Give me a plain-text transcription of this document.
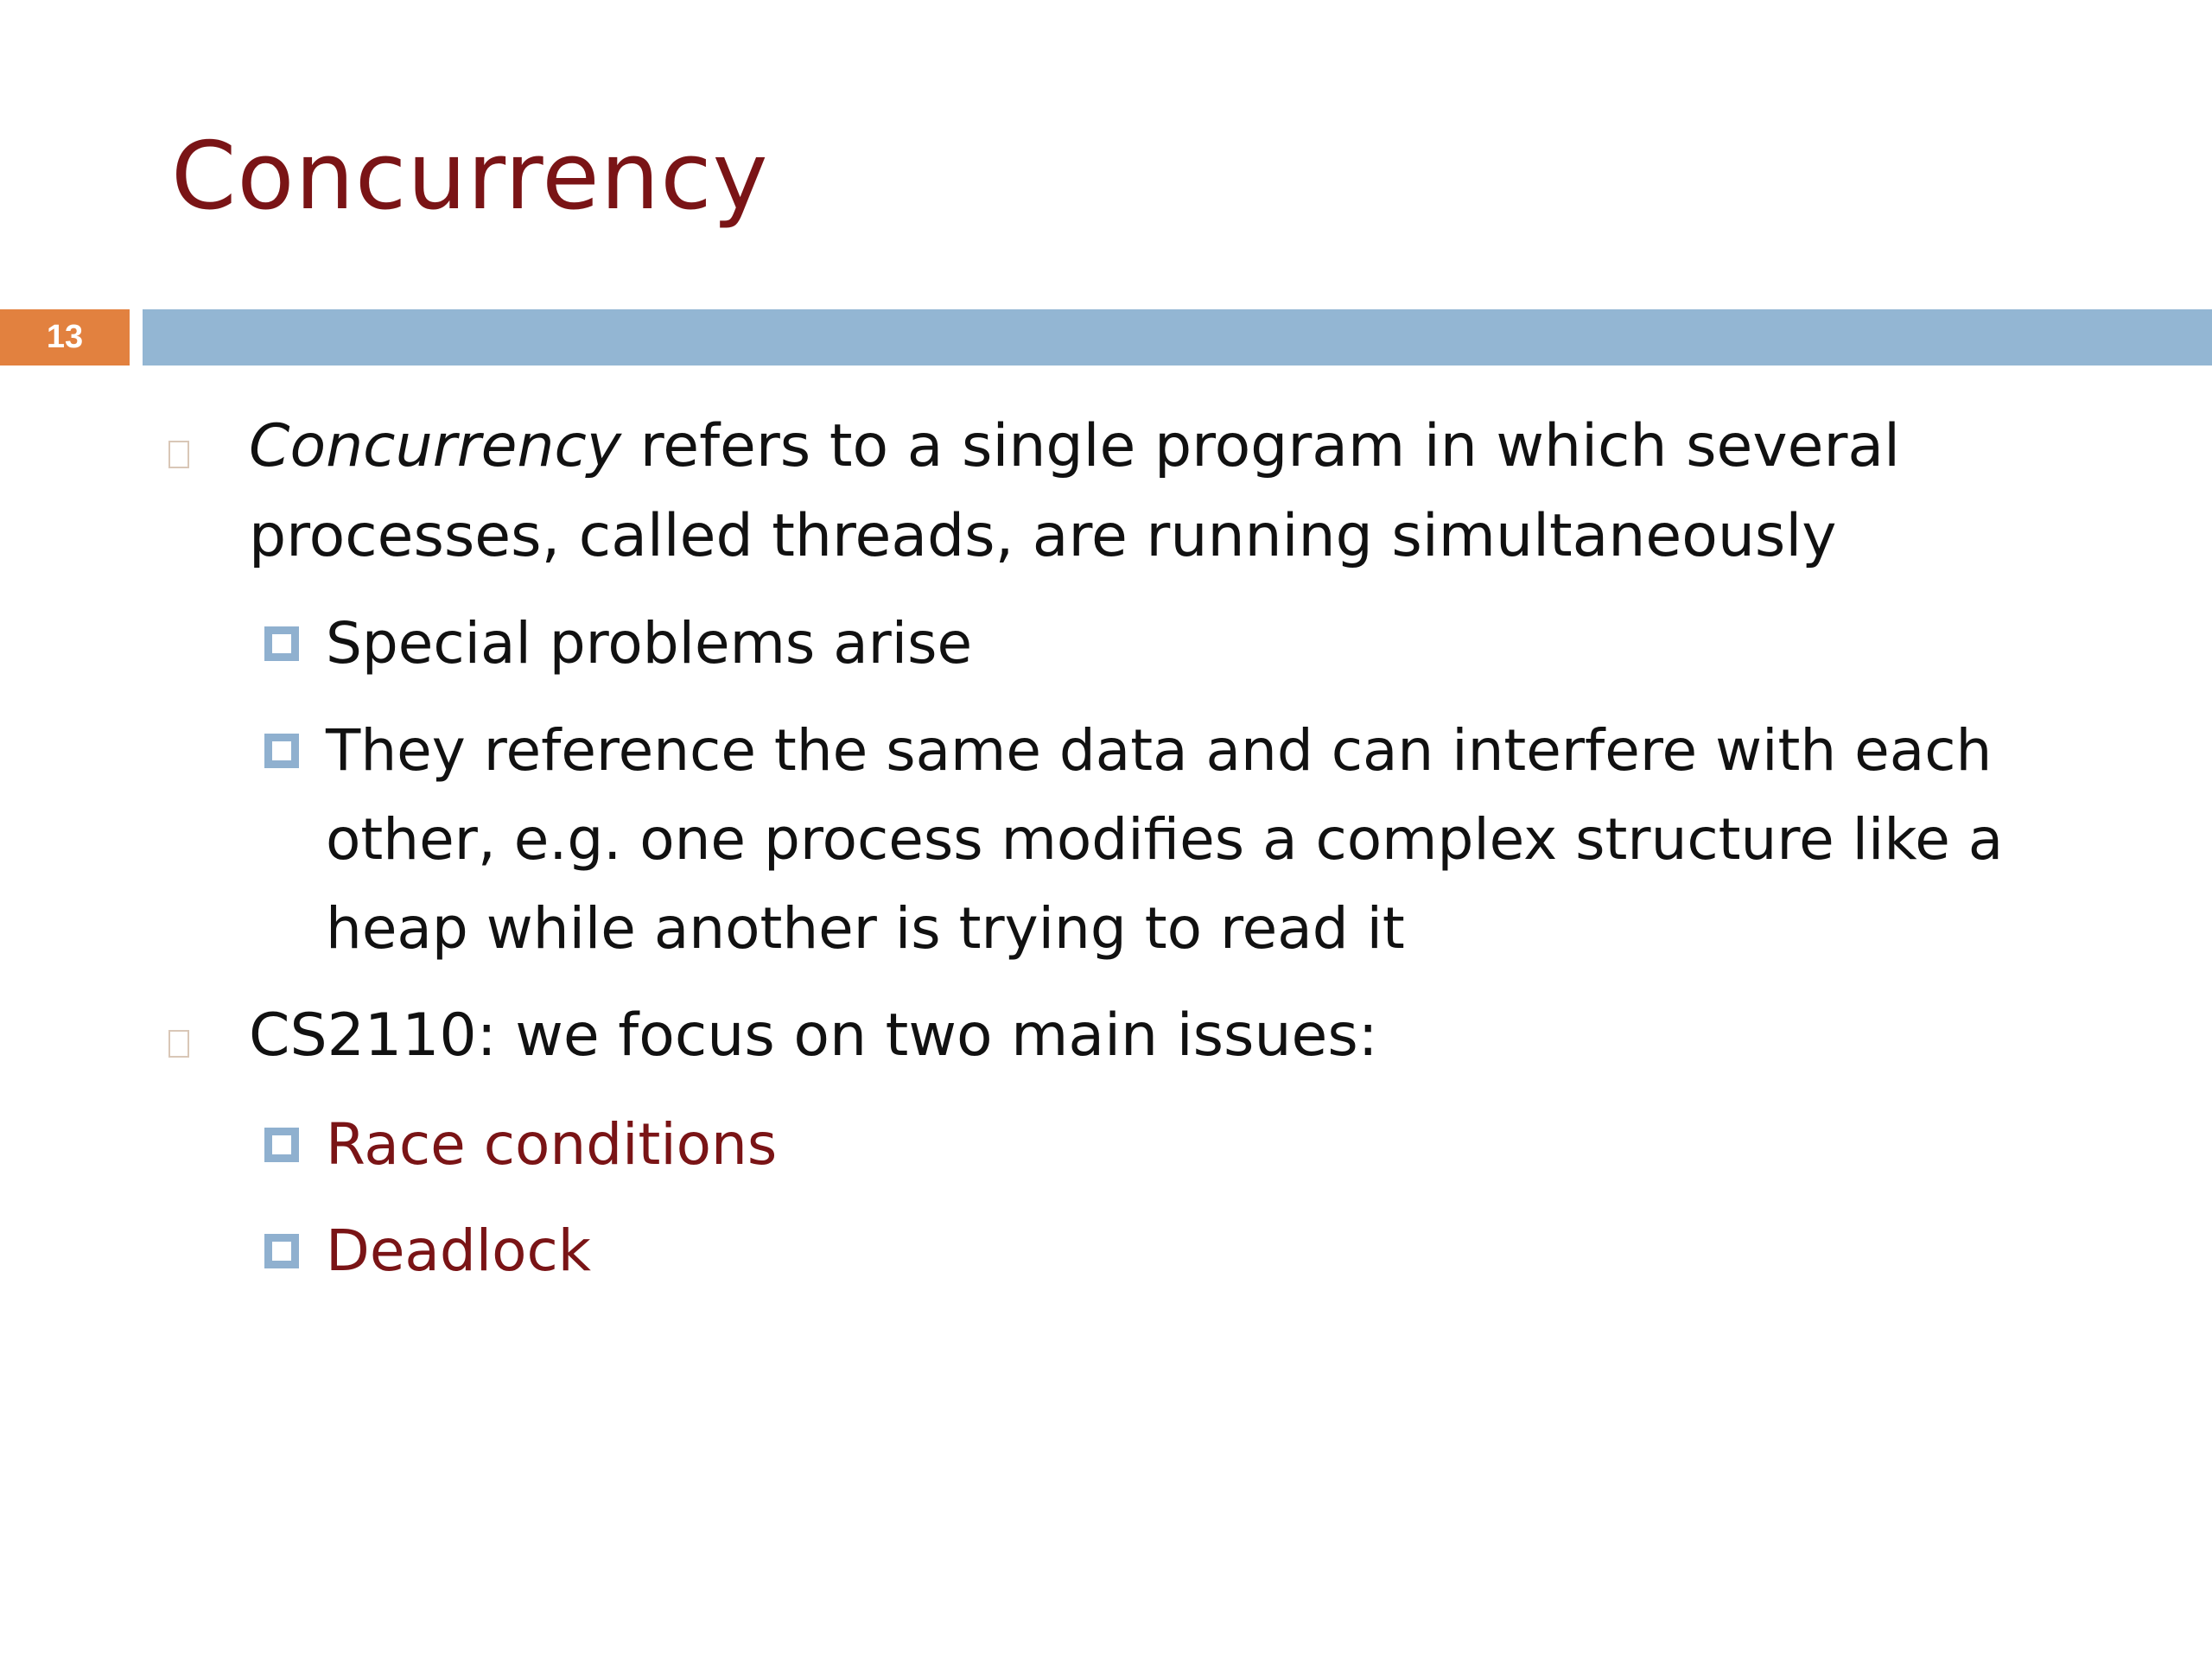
Concurrency
13
Concurrency refers to a single program in which several processes, called threads, are running simultaneously
Special problems arise
They reference the same data and can interfere with each other, e.g. one process modifies a complex structure like a heap while another is trying to read it
CS2110: we focus on two main issues:
Race conditions
Deadlock
